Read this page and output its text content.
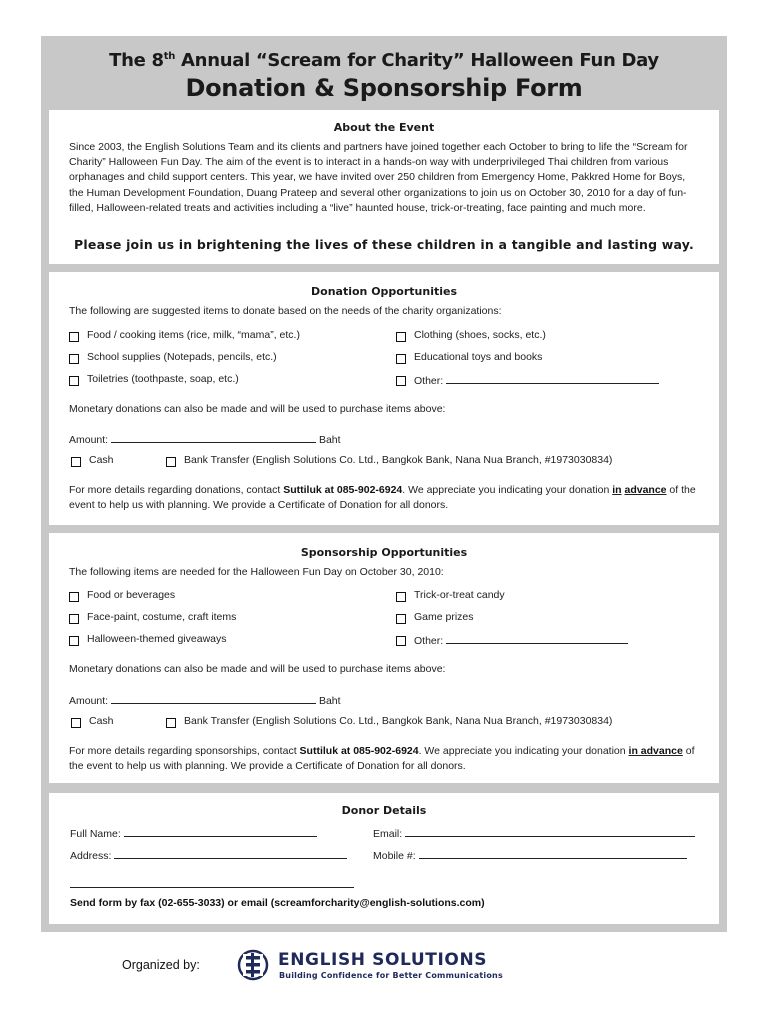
The 8th Annual “Scream for Charity” Halloween Fun Day
Donation & Sponsorship Form
About the Event
Since 2003, the English Solutions Team and its clients and partners have joined together each October to bring to life the “Scream for Charity” Halloween Fun Day. The aim of the event is to interact in a hands-on way with underprivileged Thai children from various orphanages and child support centers. This year, we have invited over 250 children from Emergency Home, Pakkred Home for Boys, the Human Development Foundation, Duang Prateep and several other organizations to join us on October 30, 2010 for a day of fun-filled, Halloween-related treats and activities including a “live” haunted house, trick-or-treating, face painting and much more.
Please join us in brightening the lives of these children in a tangible and lasting way.
Donation Opportunities
The following are suggested items to donate based on the needs of the charity organizations:
Food / cooking items (rice, milk, “mama”, etc.)
School supplies (Notepads, pencils, etc.)
Toiletries (toothpaste, soap, etc.)
Clothing (shoes, socks, etc.)
Educational toys and books
Other:
Monetary donations can also be made and will be used to purchase items above:
Amount:	Baht
Cash	Bank Transfer (English Solutions Co. Ltd., Bangkok Bank, Nana Nua Branch, #1973030834)
For more details regarding donations, contact Suttiluk at 085-902-6924. We appreciate you indicating your donation in advance of the event to help us with planning. We provide a Certificate of Donation for all donors.
Sponsorship Opportunities
The following items are needed for the Halloween Fun Day on October 30, 2010:
Food or beverages
Face-paint, costume, craft items
Halloween-themed giveaways
Trick-or-treat candy
Game prizes
Other:
Monetary donations can also be made and will be used to purchase items above:
Amount:	Baht
Cash	Bank Transfer (English Solutions Co. Ltd., Bangkok Bank, Nana Nua Branch, #1973030834)
For more details regarding sponsorships, contact Suttiluk at 085-902-6924. We appreciate you indicating your donation in advance of the event to help us with planning. We provide a Certificate of Donation for all donors.
Donor Details
Full Name:	Email:
Address:	Mobile #:
Send form by fax (02-655-3033) or email (screamforcharity@english-solutions.com)
Organized by:	ENGLISH SOLUTIONS
Building Confidence for Better Communications
